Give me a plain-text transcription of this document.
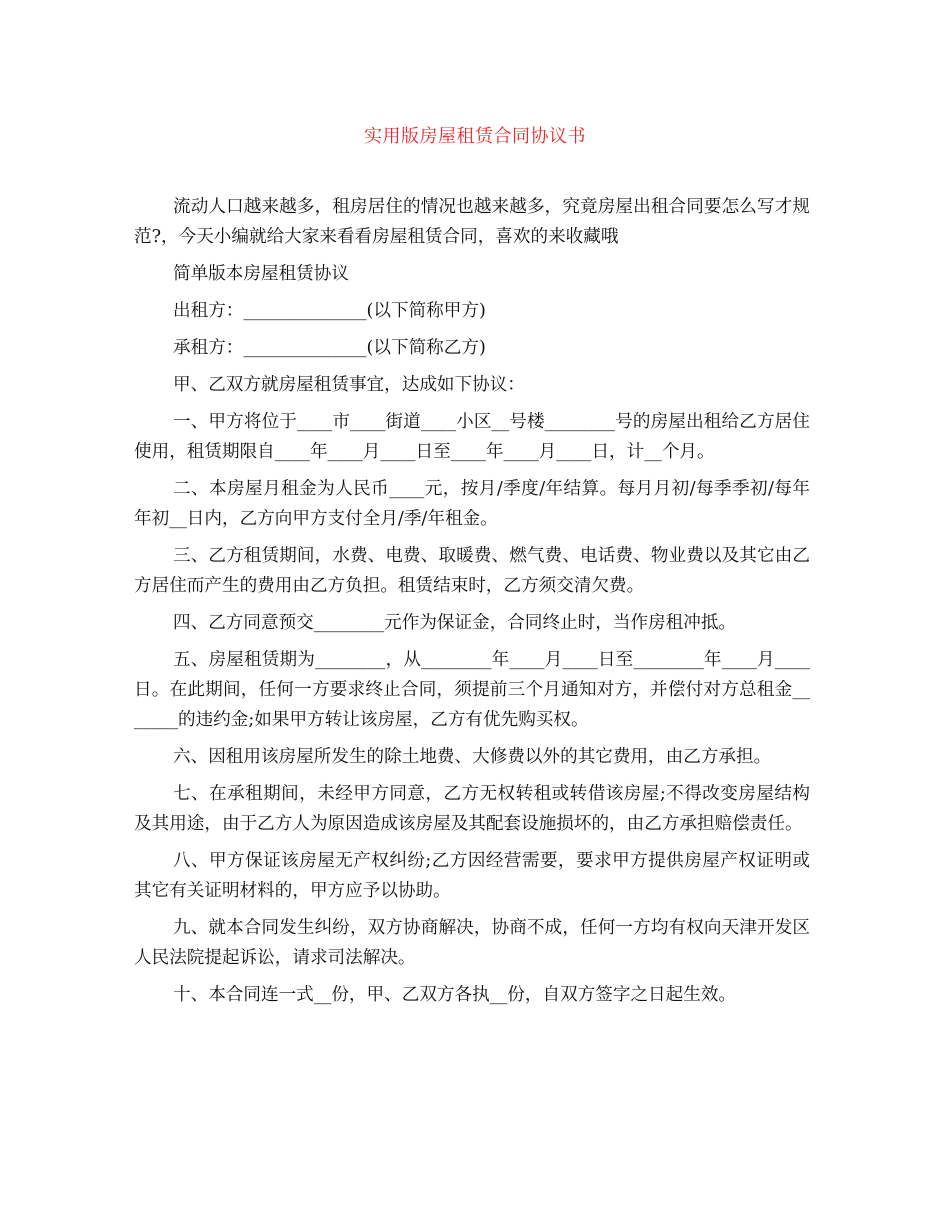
实用版房屋租赁合同协议书

流动人口越来越多，租房居住的情况也越来越多，究竟房屋出租合同要怎么写才规范?，今天小编就给大家来看看房屋租赁合同，喜欢的来收藏哦

简单版本房屋租赁协议

出租方：______________(以下简称甲方)

承租方：______________(以下简称乙方)

甲、乙双方就房屋租赁事宜，达成如下协议：

一、甲方将位于____市____街道____小区__号楼________号的房屋出租给乙方居住使用，租赁期限自____年____月____日至____年____月____日，计__个月。

二、本房屋月租金为人民币____元，按月/季度/年结算。每月月初/每季季初/每年年初__日内，乙方向甲方支付全月/季/年租金。

三、乙方租赁期间，水费、电费、取暖费、燃气费、电话费、物业费以及其它由乙方居住而产生的费用由乙方负担。租赁结束时，乙方须交清欠费。

四、乙方同意预交________元作为保证金，合同终止时，当作房租冲抵。

五、房屋租赁期为________，从________年____月____日至________年____月____日。在此期间，任何一方要求终止合同，须提前三个月通知对方，并偿付对方总租金_______的违约金;如果甲方转让该房屋，乙方有优先购买权。

六、因租用该房屋所发生的除土地费、大修费以外的其它费用，由乙方承担。

七、在承租期间，未经甲方同意，乙方无权转租或转借该房屋;不得改变房屋结构及其用途，由于乙方人为原因造成该房屋及其配套设施损坏的，由乙方承担赔偿责任。

八、甲方保证该房屋无产权纠纷;乙方因经营需要，要求甲方提供房屋产权证明或其它有关证明材料的，甲方应予以协助。

九、就本合同发生纠纷，双方协商解决，协商不成，任何一方均有权向天津开发区人民法院提起诉讼，请求司法解决。

十、本合同连一式__份，甲、乙双方各执__份，自双方签字之日起生效。
